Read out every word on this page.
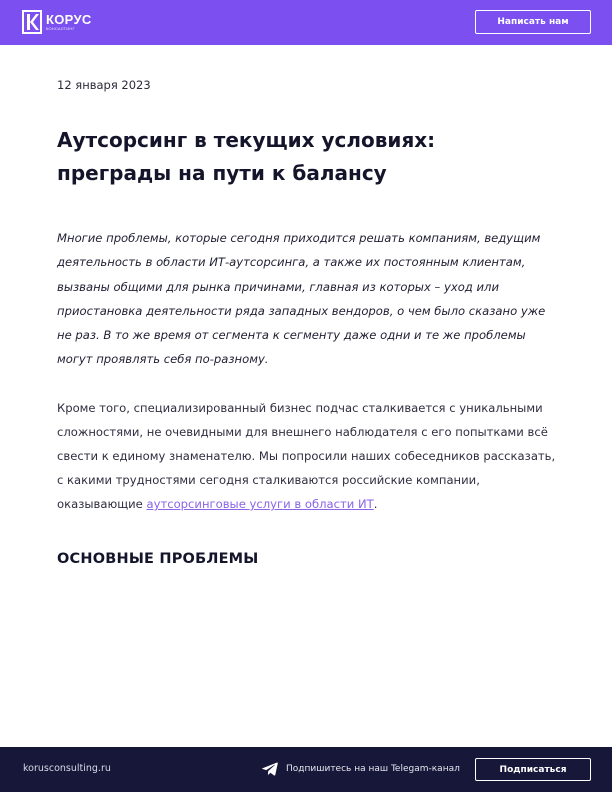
КОРУС
КОНСАЛТИНГ
Написать нам
12 января 2023
Аутсорсинг в текущих условиях:
преграды на пути к балансу

Многие проблемы, которые сегодня приходится решать компаниям, ведущим деятельность в области ИТ-аутсорсинга, а также их постоянным клиентам, вызваны общими для рынка причинами, главная из которых – уход или приостановка деятельности ряда западных вендоров, о чем было сказано уже не раз. В то же время от сегмента к сегменту даже одни и те же проблемы могут проявлять себя по-разному.

Кроме того, специализированный бизнес подчас сталкивается с уникальными сложностями, не очевидными для внешнего наблюдателя с его попытками всё свести к единому знаменателю. Мы попросили наших собеседников рассказать, с какими трудностями сегодня сталкиваются российские компании, оказывающие аутсорсинговые услуги в области ИТ.

ОСНОВНЫЕ ПРОБЛЕМЫ
korusconsulting.ru	Подпишитесь на наш Telegam-канал	Подписаться
